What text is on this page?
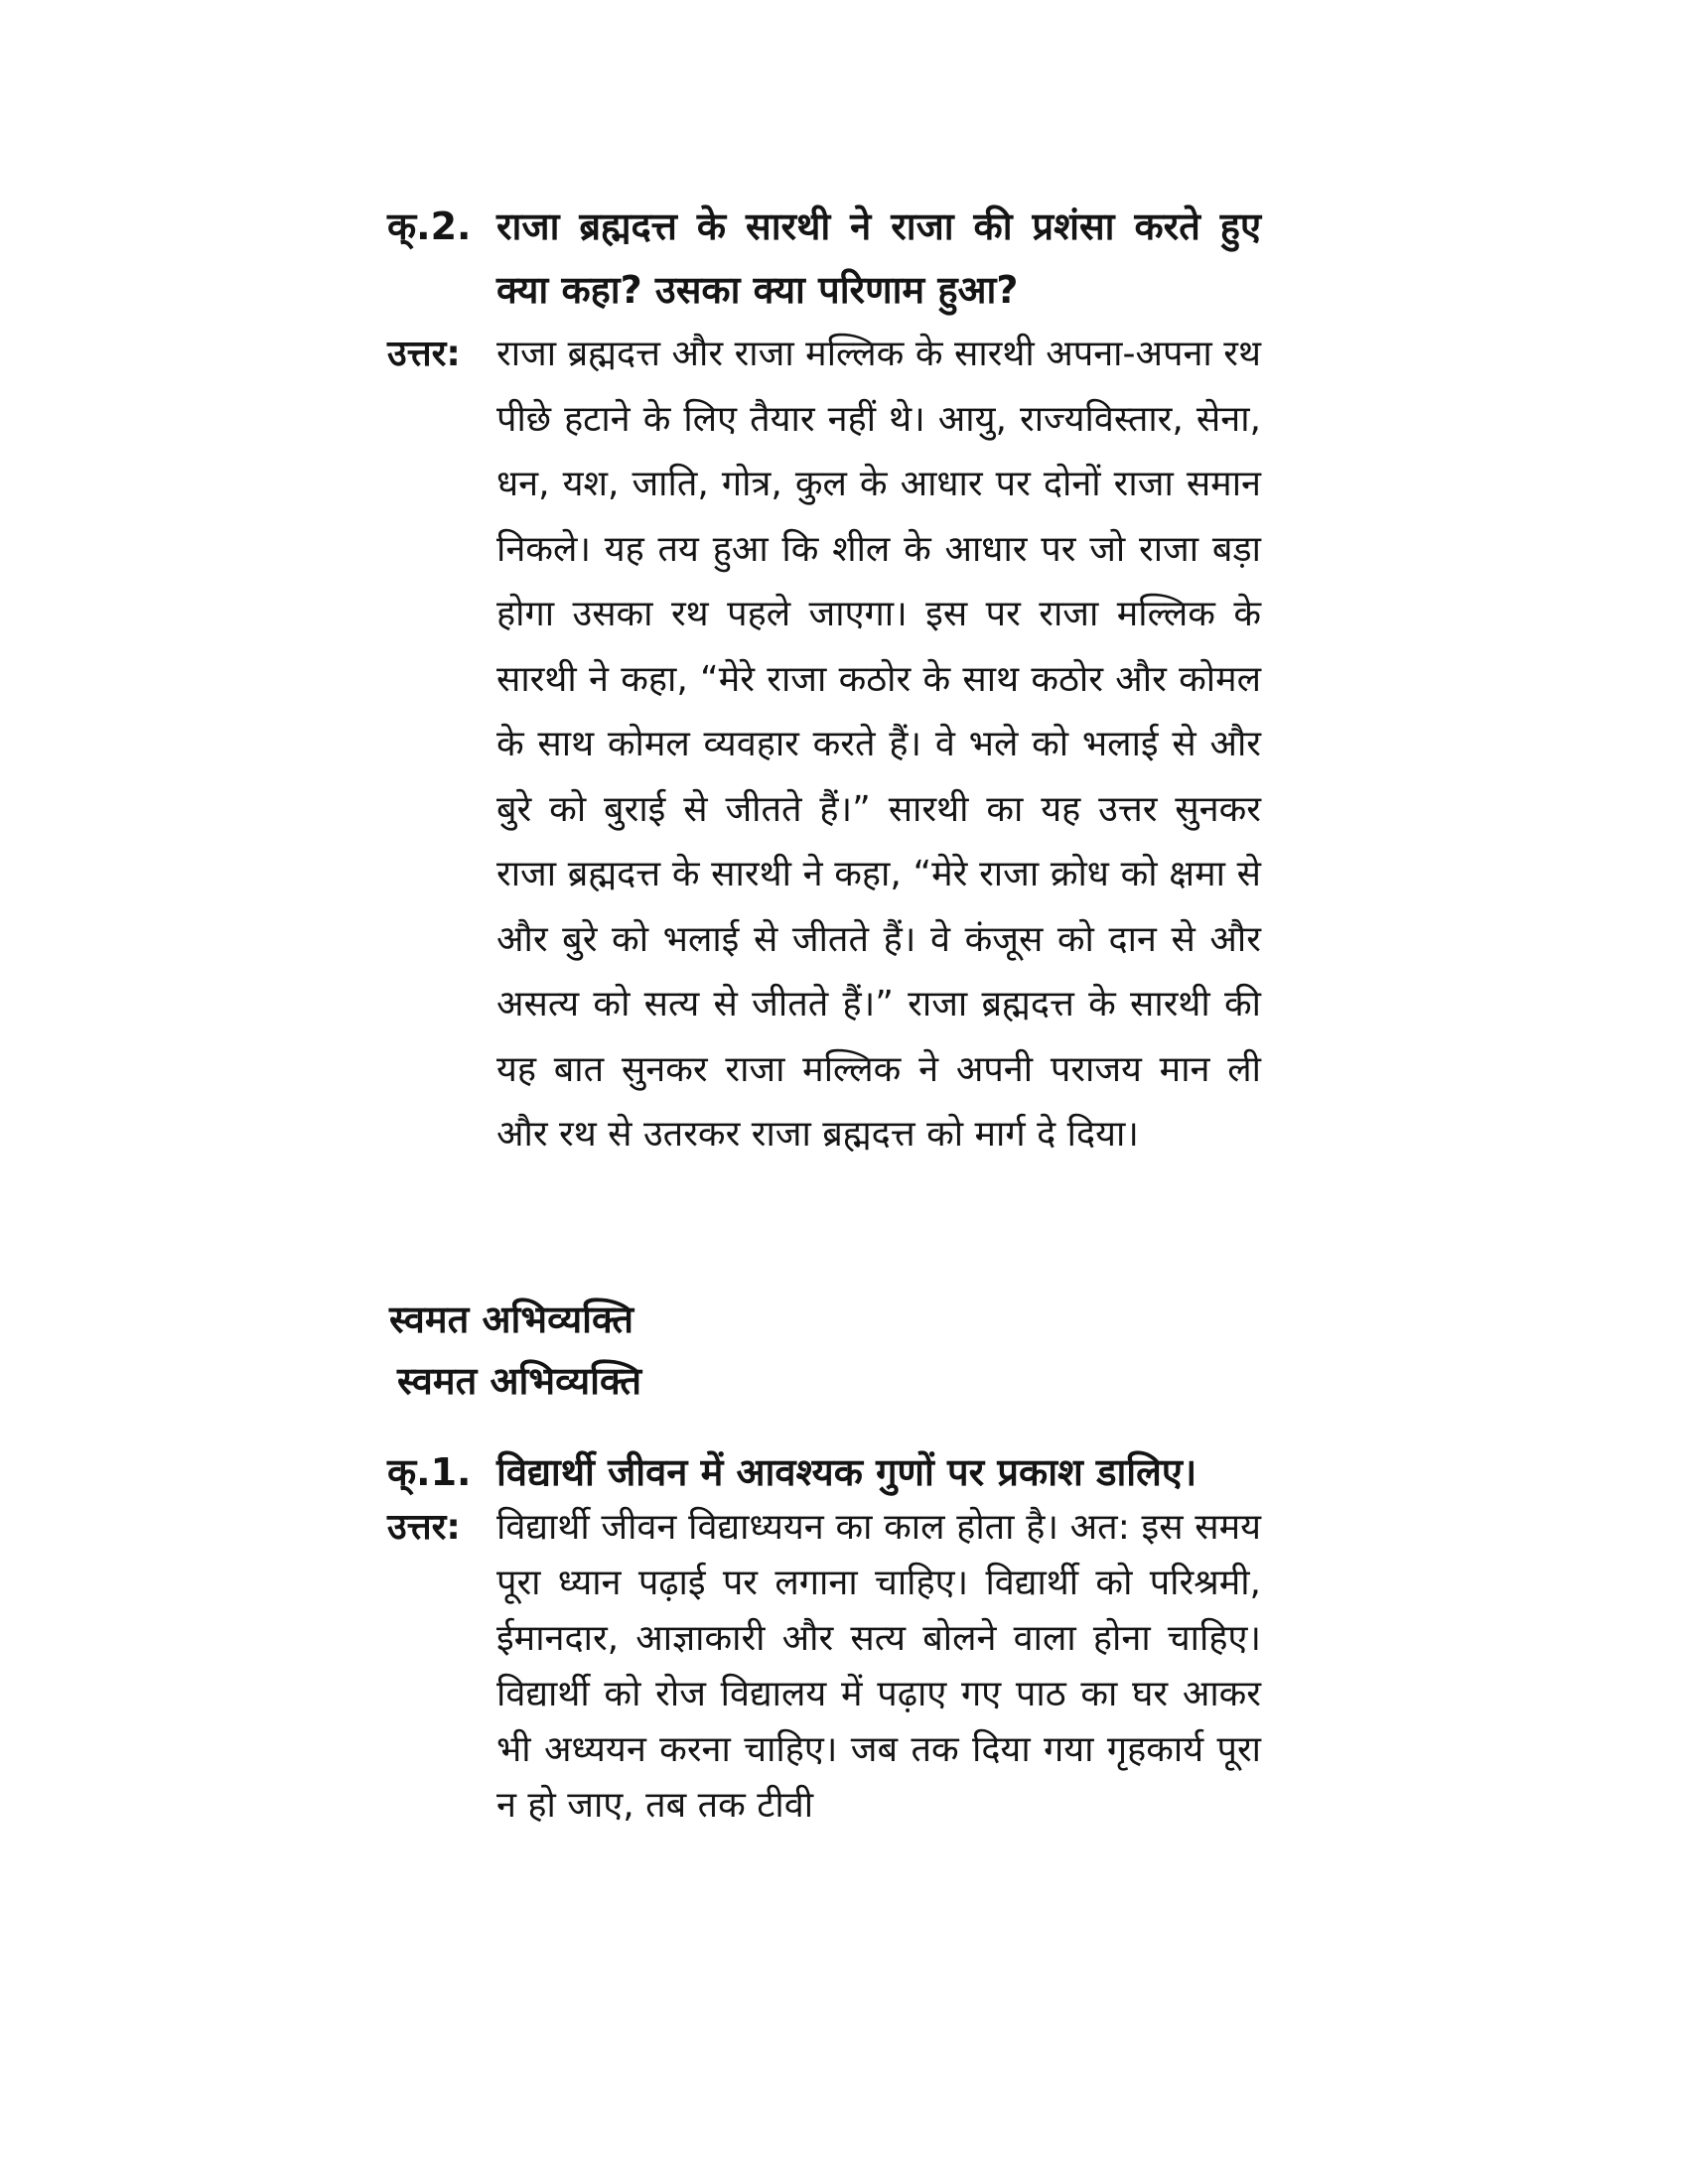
क्.2. राजा ब्रह्मदत्त के सारथी ने राजा की प्रशंसा करते हुए क्या कहा? उसका क्या परिणाम हुआ?
उत्तर:	राजा ब्रह्मदत्त और राजा मल्लिक के सारथी अपना-अपना रथ पीछे हटाने के लिए तैयार नहीं थे। आयु, राज्यविस्तार, सेना, धन, यश, जाति, गोत्र, कुल के आधार पर दोनों राजा समान निकले। यह तय हुआ कि शील के आधार पर जो राजा बड़ा होगा उसका रथ पहले जाएगा। इस पर राजा मल्लिक के सारथी ने कहा, “मेरे राजा कठोर के साथ कठोर और कोमल के साथ कोमल व्यवहार करते हैं। वे भले को भलाई से और बुरे को बुराई से जीतते हैं।” सारथी का यह उत्तर सुनकर राजा ब्रह्मदत्त के सारथी ने कहा, “मेरे राजा क्रोध को क्षमा से और बुरे को भलाई से जीतते हैं। वे कंजूस को दान से और असत्य को सत्य से जीतते हैं।” राजा ब्रह्मदत्त के सारथी की यह बात सुनकर राजा मल्लिक ने अपनी पराजय मान ली और रथ से उतरकर राजा ब्रह्मदत्त को मार्ग दे दिया।
स्वमत अभिव्यक्ति
स्वमत अभिव्यक्ति
क्.1. विद्यार्थी जीवन में आवश्यक गुणों पर प्रकाश डालिए।
उत्तर:	विद्यार्थी जीवन विद्याध्ययन का काल होता है। अत: इस समय पूरा ध्यान पढ़ाई पर लगाना चाहिए। विद्यार्थी को परिश्रमी, ईमानदार, आज्ञाकारी और सत्य बोलने वाला होना चाहिए। विद्यार्थी को रोज विद्यालय में पढ़ाए गए पाठ का घर आकर भी अध्ययन करना चाहिए। जब तक दिया गया गृहकार्य पूरा न हो जाए, तब तक टीवी
